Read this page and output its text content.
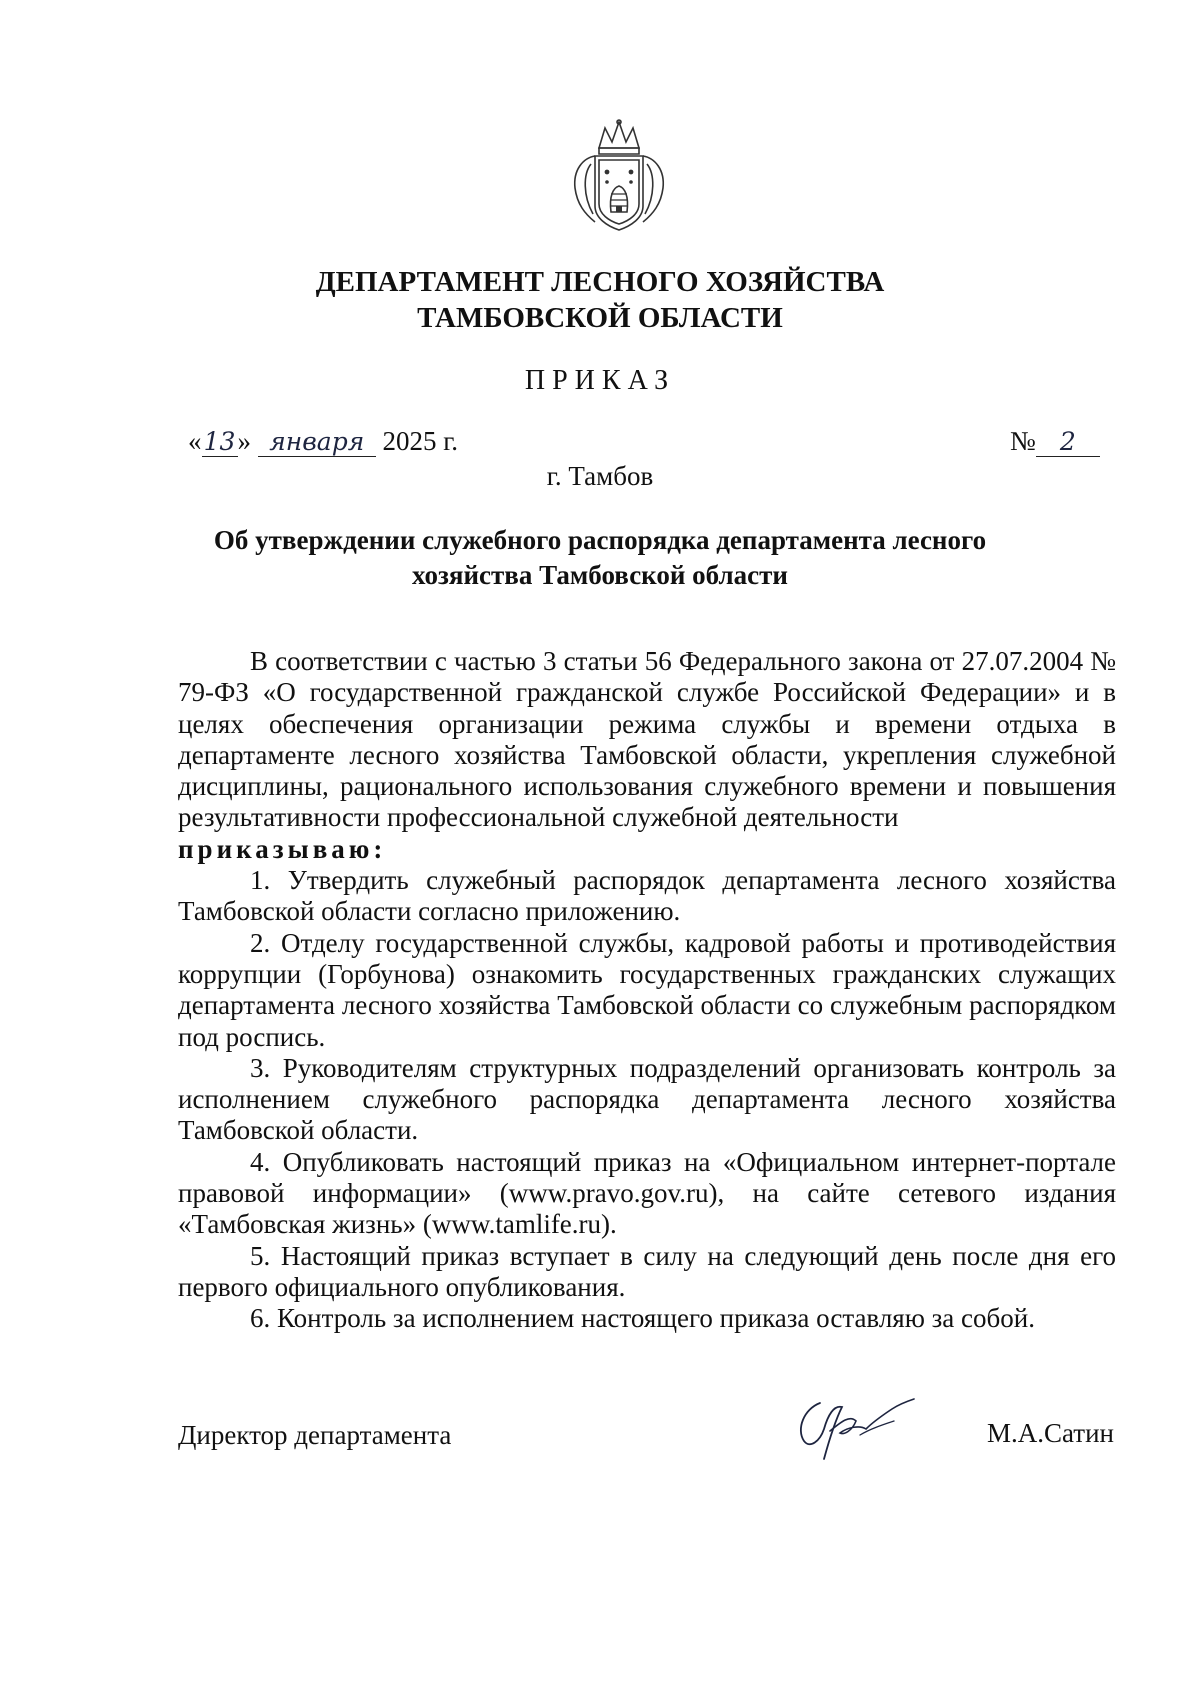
ДЕПАРТАМЕНТ ЛЕСНОГО ХОЗЯЙСТВА
ТАМБОВСКОЙ ОБЛАСТИ
ПРИКАЗ
«13» января 2025 г.	№ 2
г. Тамбов
Об утверждении служебного распорядка департамента лесного
хозяйства Тамбовской области

В соответствии с частью 3 статьи 56 Федерального закона от 27.07.2004 № 79-ФЗ «О государственной гражданской службе Российской Федерации» и в целях обеспечения организации режима службы и времени отдыха в департаменте лесного хозяйства Тамбовской области, укрепления служебной дисциплины, рационального использования служебного времени и повышения результативности профессиональной служебной деятельности

приказываю:

1. Утвердить служебный распорядок департамента лесного хозяйства Тамбовской области согласно приложению.

2. Отделу государственной службы, кадровой работы и противодействия коррупции (Горбунова) ознакомить государственных гражданских служащих департамента лесного хозяйства Тамбовской области со служебным распорядком под роспись.

3. Руководителям структурных подразделений организовать контроль за исполнением служебного распорядка департамента лесного хозяйства Тамбовской области.

4. Опубликовать настоящий приказ на «Официальном интернет-портале правовой информации» (www.pravo.gov.ru), на сайте сетевого издания «Тамбовская жизнь» (www.tamlife.ru).

5. Настоящий приказ вступает в силу на следующий день после дня его первого официального опубликования.

6. Контроль за исполнением настоящего приказа оставляю за собой.

Директор департамента	М.А.Сатин
